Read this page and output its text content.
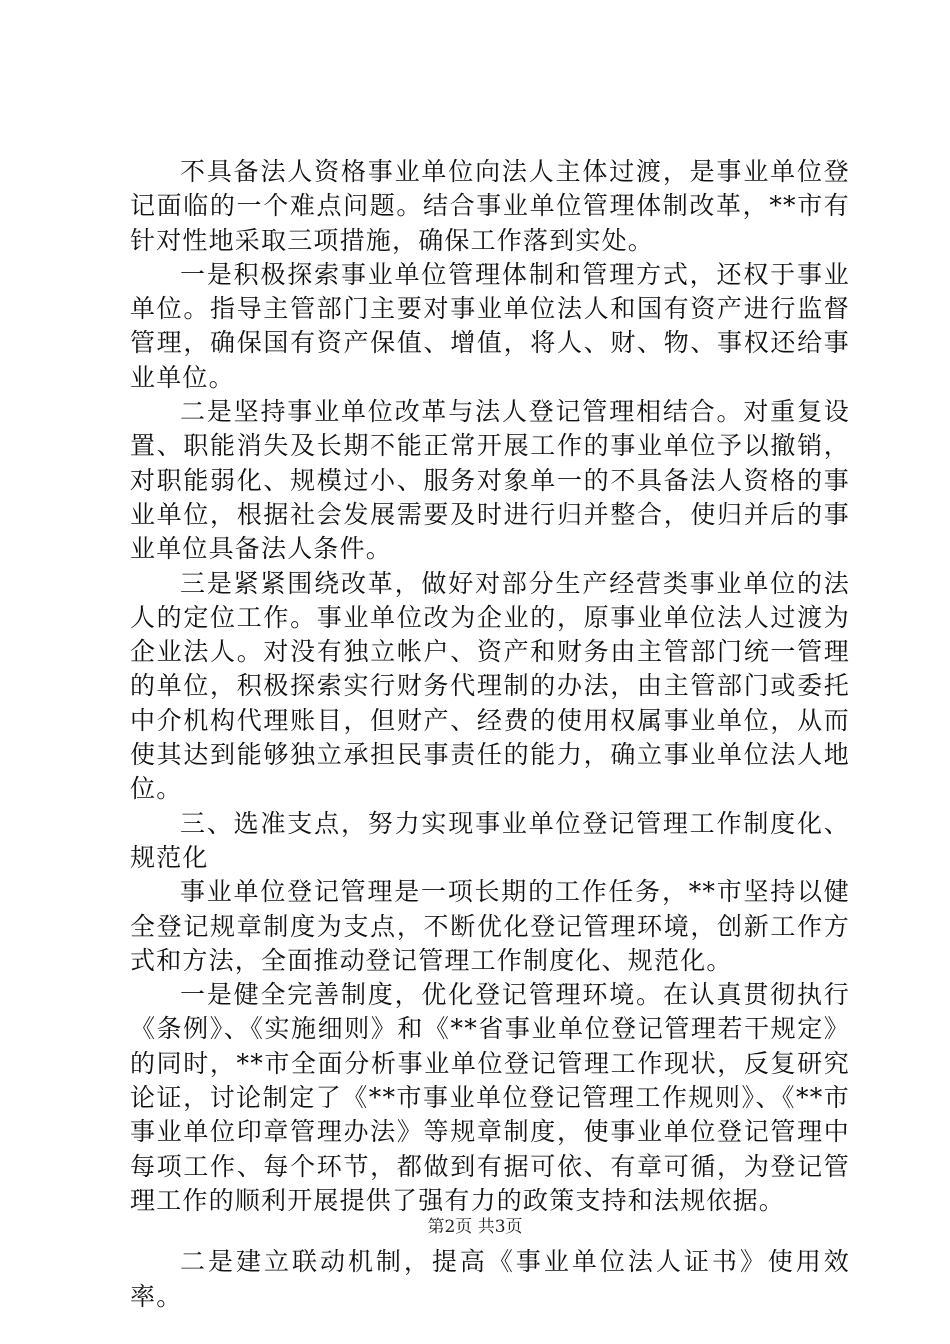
不具备法人资格事业单位向法人主体过渡，是事业单位登记面临的一个难点问题。结合事业单位管理体制改革，**市有针对性地采取三项措施，确保工作落到实处。

一是积极探索事业单位管理体制和管理方式，还权于事业单位。指导主管部门主要对事业单位法人和国有资产进行监督管理，确保国有资产保值、增值，将人、财、物、事权还给事业单位。

二是坚持事业单位改革与法人登记管理相结合。对重复设置、职能消失及长期不能正常开展工作的事业单位予以撤销，对职能弱化、规模过小、服务对象单一的不具备法人资格的事业单位，根据社会发展需要及时进行归并整合，使归并后的事业单位具备法人条件。

三是紧紧围绕改革，做好对部分生产经营类事业单位的法人的定位工作。事业单位改为企业的，原事业单位法人过渡为企业法人。对没有独立帐户、资产和财务由主管部门统一管理的单位，积极探索实行财务代理制的办法，由主管部门或委托中介机构代理账目，但财产、经费的使用权属事业单位，从而使其达到能够独立承担民事责任的能力，确立事业单位法人地位。

三、选准支点，努力实现事业单位登记管理工作制度化、规范化

事业单位登记管理是一项长期的工作任务，**市坚持以健全登记规章制度为支点，不断优化登记管理环境，创新工作方式和方法，全面推动登记管理工作制度化、规范化。

一是健全完善制度，优化登记管理环境。在认真贯彻执行《条例》、《实施细则》和《**省事业单位登记管理若干规定》的同时，**市全面分析事业单位登记管理工作现状，反复研究论证，讨论制定了《**市事业单位登记管理工作规则》、《**市事业单位印章管理办法》等规章制度，使事业单位登记管理中每项工作、每个环节，都做到有据可依、有章可循，为登记管理工作的顺利开展提供了强有力的政策支持和法规依据。

二是建立联动机制，提高《事业单位法人证书》使用效率。

第2页 共3页
